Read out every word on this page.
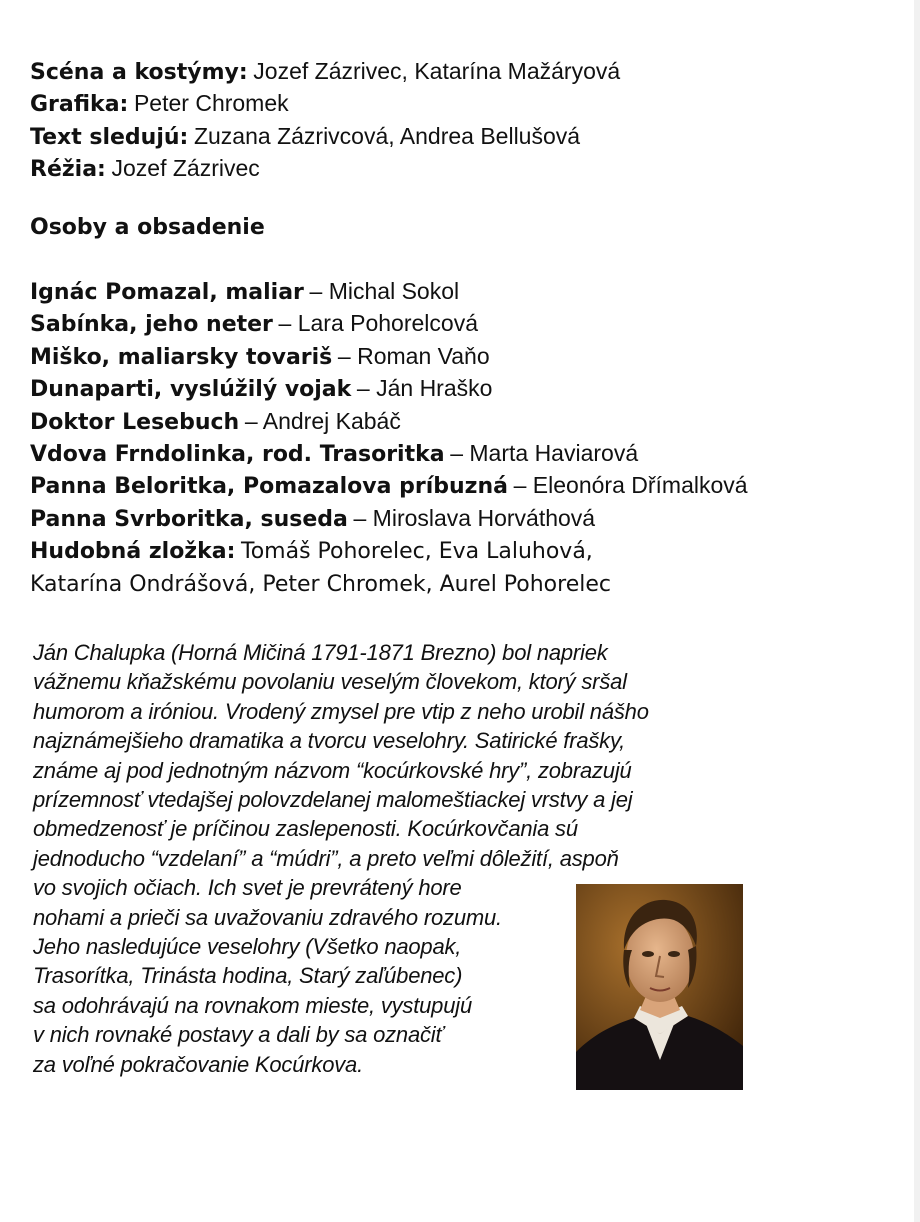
Scéna a kostýmy: Jozef Zázrivec, Katarína Mažáryová
Grafika: Peter Chromek
Text sledujú: Zuzana Zázrivcová, Andrea Bellušová
Réžia: Jozef Zázrivec
Osoby a obsadenie
Ignác Pomazal, maliar – Michal Sokol
Sabínka, jeho neter – Lara Pohorelcová
Miško, maliarsky tovariš – Roman Vaňo
Dunaparti, vyslúžilý vojak – Ján Hraško
Doktor Lesebuch – Andrej Kabáč
Vdova Frndolinka, rod. Trasoritka – Marta Haviarová
Panna Beloritka, Pomazalova príbuzná – Eleonóra Dřímalková
Panna Svrboritka, suseda – Miroslava Horváthová
Hudobná zložka: Tomáš Pohorelec, Eva Laluhová,
Katarína Ondrášová, Peter Chromek, Aurel Pohorelec
Ján Chalupka (Horná Mičiná 1791-1871 Brezno) bol napriek
vážnemu kňažskému povolaniu veselým človekom, ktorý sršal
humorom a iróniou. Vrodený zmysel pre vtip z neho urobil nášho
najznámejšieho dramatika a tvorcu veselohry. Satirické frašky,
známe aj pod jednotným názvom “kocúrkovské hry”, zobrazujú
prízemnosť vtedajšej polovzdelanej malomeštiackej vrstvy a jej
obmedzenosť je príčinou zaslepenosti. Kocúrkovčania sú
jednoducho “vzdelaní” a “múdri”, a preto veľmi dôležití, aspoň
vo svojich očiach. Ich svet je prevrátený hore
nohami a prieči sa uvažovaniu zdravého rozumu.
Jeho nasledujúce veselohry (Všetko naopak,
Trasorítka, Trinásta hodina, Starý zaľúbenec)
sa odohrávajú na rovnakom mieste, vystupujú
v nich rovnaké postavy a dali by sa označiť
za voľné pokračovanie Kocúrkova.
